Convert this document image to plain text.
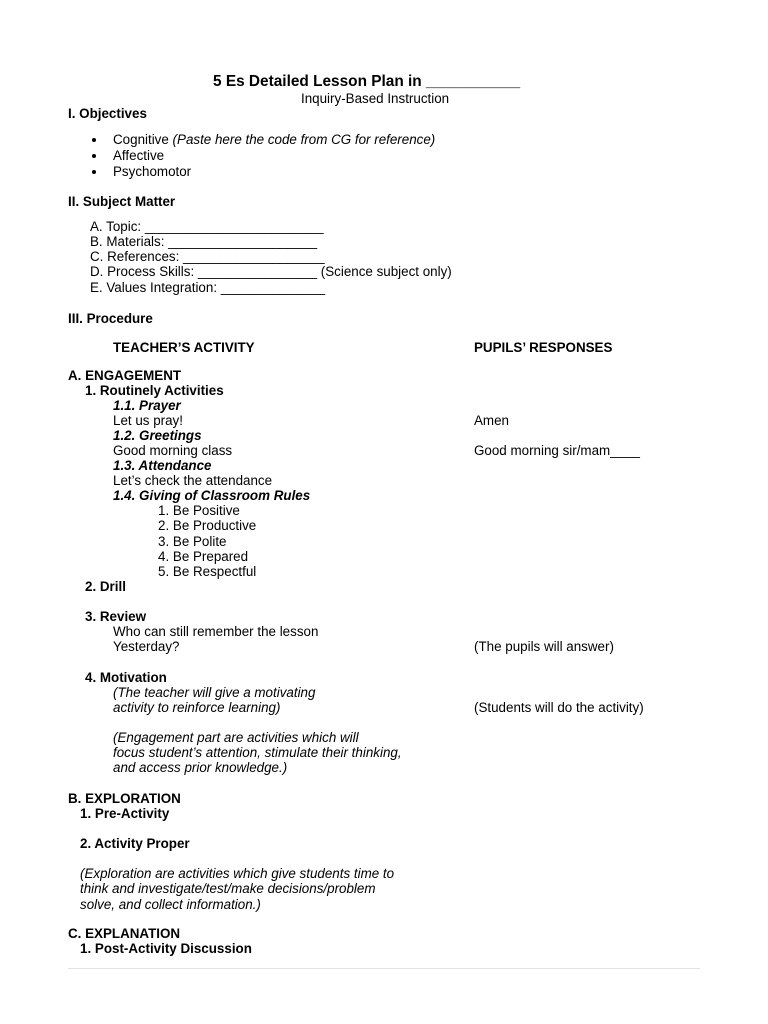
5 Es Detailed Lesson Plan in ___________
Inquiry-Based Instruction
I. Objectives
Cognitive (Paste here the code from CG for reference)
Affective
Psychomotor
II. Subject Matter
A. Topic: ________________________
B. Materials: ____________________
C. References: ___________________
D. Process Skills: ________________ (Science subject only)
E. Values Integration: ______________
III. Procedure
TEACHER’S ACTIVITY	PUPILS’ RESPONSES
A. ENGAGEMENT
1. Routinely Activities
1.1. Prayer
Let us pray!	Amen
1.2. Greetings
Good morning class	Good morning sir/mam____
1.3. Attendance
Let’s check the attendance
1.4. Giving of Classroom Rules
1. Be Positive
2. Be Productive
3. Be Polite
4. Be Prepared
5. Be Respectful
2. Drill
3. Review
Who can still remember the lesson
Yesterday?	(The pupils will answer)
4. Motivation
(The teacher will give a motivating
activity to reinforce learning)	(Students will do the activity)
(Engagement part are activities which will
focus student’s attention, stimulate their thinking,
and access prior knowledge.)
B. EXPLORATION
1. Pre-Activity
2. Activity Proper
(Exploration are activities which give students time to
think and investigate/test/make decisions/problem
solve, and collect information.)
C. EXPLANATION
1. Post-Activity Discussion
